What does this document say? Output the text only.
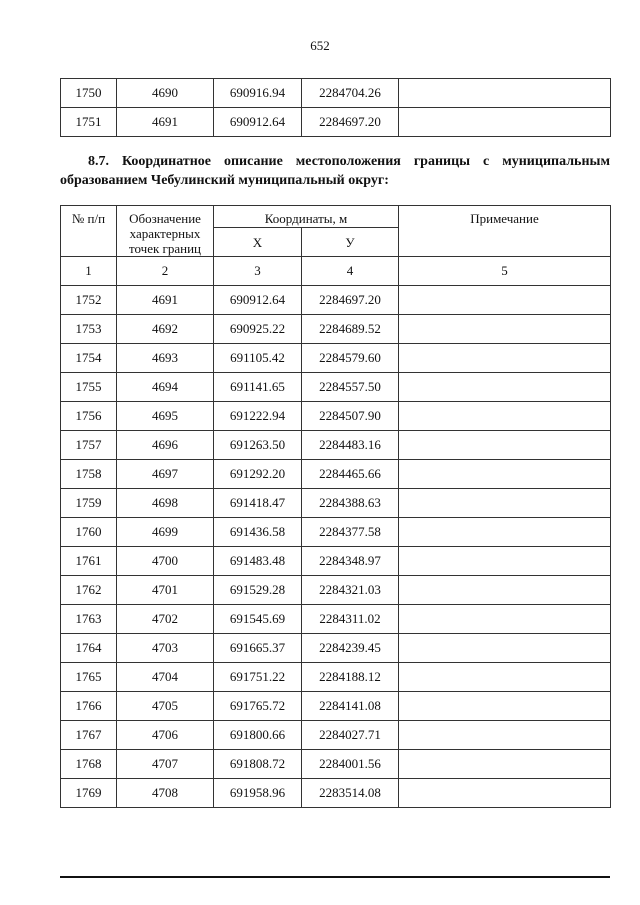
652
1750	4690	690916.94	2284704.26	
1751	4691	690912.64	2284697.20	
8.7. Координатное описание местоположения границы с муниципальным
образованием Чебулинский муниципальный округ:
№ п/п	Обозначение
характерных
точек границ	Координаты, м		Примечание
		X	У	
1	2	3	4	5
1752	4691	690912.64	2284697.20	
1753	4692	690925.22	2284689.52	
1754	4693	691105.42	2284579.60	
1755	4694	691141.65	2284557.50	
1756	4695	691222.94	2284507.90	
1757	4696	691263.50	2284483.16	
1758	4697	691292.20	2284465.66	
1759	4698	691418.47	2284388.63	
1760	4699	691436.58	2284377.58	
1761	4700	691483.48	2284348.97	
1762	4701	691529.28	2284321.03	
1763	4702	691545.69	2284311.02	
1764	4703	691665.37	2284239.45	
1765	4704	691751.22	2284188.12	
1766	4705	691765.72	2284141.08	
1767	4706	691800.66	2284027.71	
1768	4707	691808.72	2284001.56	
1769	4708	691958.96	2283514.08	
